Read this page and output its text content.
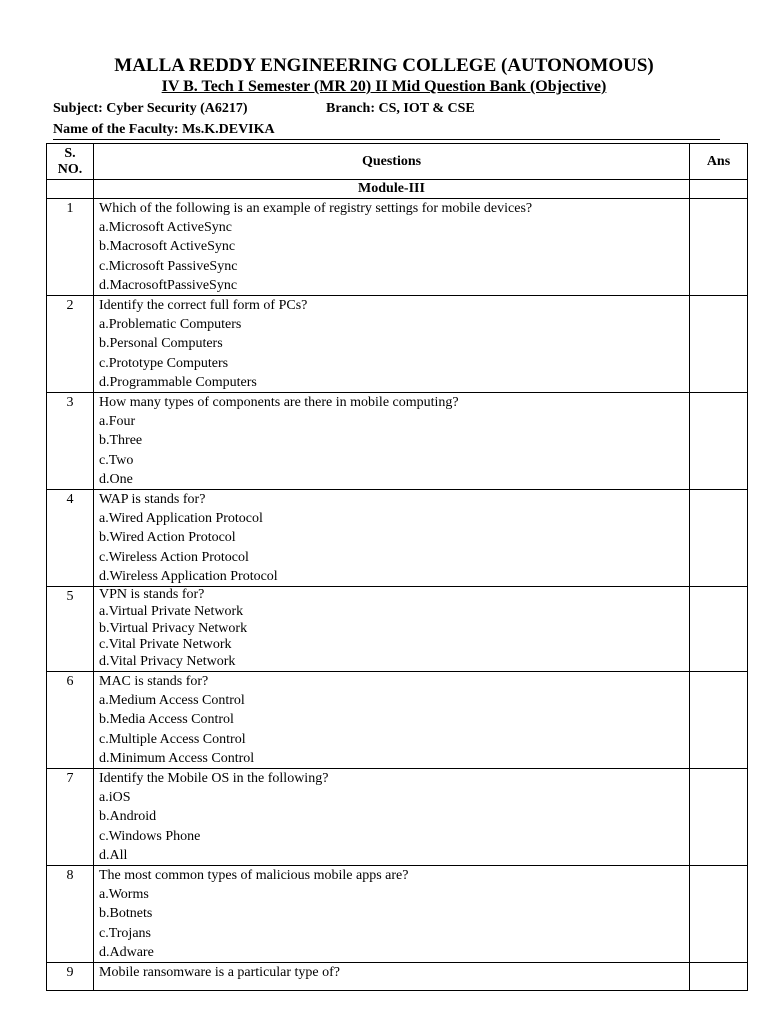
MALLA REDDY ENGINEERING COLLEGE (AUTONOMOUS)
IV B. Tech I Semester (MR 20) II Mid Question Bank (Objective)
Subject: Cyber Security (A6217)	Branch: CS, IOT & CSE
Name of the Faculty: Ms.K.DEVIKA
S.
NO.	Questions	Ans
	Module-III	
1	Which of the following is an example of registry settings for mobile devices?
a.Microsoft ActiveSync
b.Macrosoft ActiveSync
c.Microsoft PassiveSync
d.MacrosoftPassiveSync	

2	Identify the correct full form of PCs?
a.Problematic Computers
b.Personal Computers
c.Prototype Computers
d.Programmable Computers	

3	How many types of components are there in mobile computing?
a.Four
b.Three
c.Two
d.One	

4	WAP is stands for?
a.Wired Application Protocol
b.Wired Action Protocol
c.Wireless Action Protocol
d.Wireless Application Protocol	

5	VPN is stands for?
a.Virtual Private Network
b.Virtual Privacy Network
c.Vital Private Network
d.Vital Privacy Network	

6	MAC is stands for?
a.Medium Access Control
b.Media Access Control
c.Multiple Access Control
d.Minimum Access Control	

7	Identify the Mobile OS in the following?
a.iOS
b.Android
c.Windows Phone
d.All	

8	The most common types of malicious mobile apps are?
a.Worms
b.Botnets
c.Trojans
d.Adware	

9	Mobile ransomware is a particular type of?	
